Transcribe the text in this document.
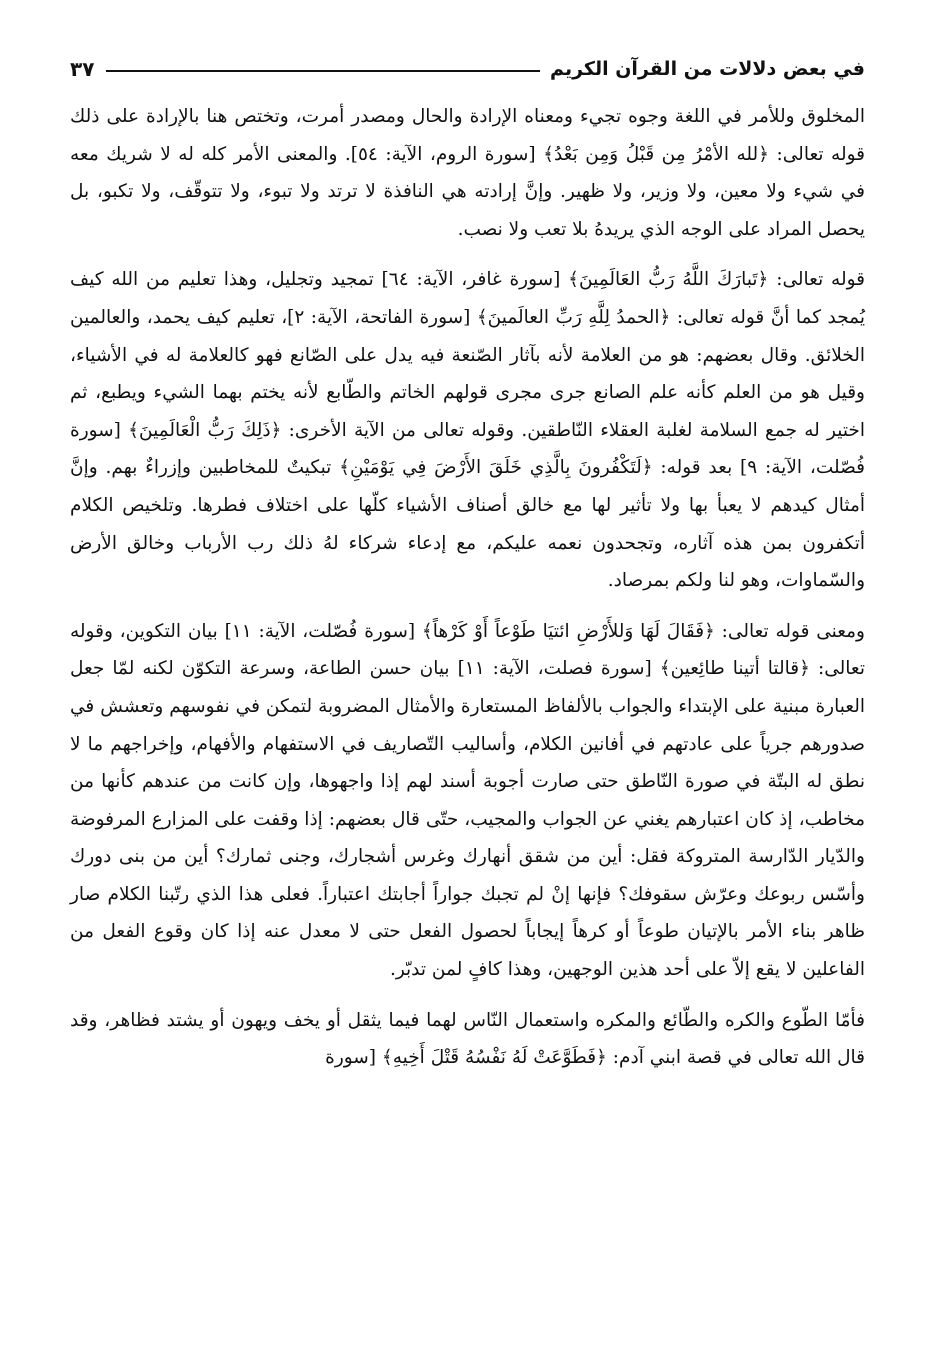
في بعض دلالات من القرآن الكريم
٣٧

المخلوق وللأمر في اللغة وجوه تجيء ومعناه الإرادة والحال ومصدر أمرت، وتختص هنا بالإرادة على ذلك قوله تعالى: ﴿لله الأمْرُ مِن قَبْلُ وَمِن بَعْدُ﴾ [سورة الروم، الآية: ٥٤]. والمعنى الأمر كله له لا شريك معه في شيء ولا معين، ولا وزير، ولا ظهير. وإنَّ إرادته هي النافذة لا ترتد ولا تبوء، ولا تتوقّف، ولا تكبو، بل يحصل المراد على الوجه الذي يريدهُ بلا تعب ولا نصب.

قوله تعالى: ﴿تَبارَكَ اللَّهُ رَبُّ العَالَمِينَ﴾ [سورة غافر، الآية: ٦٤] تمجيد وتجليل، وهذا تعليم من الله كيف يُمجد كما أنَّ قوله تعالى: ﴿الحمدُ لِلَّهِ رَبِّ العالَمينَ﴾ [سورة الفاتحة، الآية: ٢]، تعليم كيف يحمد، والعالمين الخلائق. وقال بعضهم: هو من العلامة لأنه بآثار الصّنعة فيه يدل على الصّانع فهو كالعلامة له في الأشياء، وقيل هو من العلم كأنه علم الصانع جرى مجرى قولهم الخاتم والطّابع لأنه يختم بهما الشيء ويطبع، ثم اختير له جمع السلامة لغلبة العقلاء النّاطقين. وقوله تعالى من الآية الأخرى: ﴿ذَلِكَ رَبُّ الْعَالَمِينَ﴾ [سورة فُصّلت، الآية: ٩] بعد قوله: ﴿لَتَكْفُرونَ بِالَّذِي خَلَقَ الأَرْضَ فِي يَوْمَيْنِ﴾ تبكيتٌ للمخاطبين وإزراءٌ بهم. وإنَّ أمثال كيدهم لا يعبأ بها ولا تأثير لها مع خالق أصناف الأشياء كلّها على اختلاف فطرها. وتلخيص الكلام أتكفرون بمن هذه آثاره، وتجحدون نعمه عليكم، مع إدعاء شركاء لهُ ذلك رب الأرباب وخالق الأرض والسّماوات، وهو لنا ولكم بمرصاد.

ومعنى قوله تعالى: ﴿فَقَالَ لَهَا وَللأَرْضِ ائتيَا طَوْعاً أَوْ كَرْهاً﴾ [سورة فُصّلت، الآية: ١١] بيان التكوين، وقوله تعالى: ﴿قالتا أتينا طائِعين﴾ [سورة فصلت، الآية: ١١] بيان حسن الطاعة، وسرعة التكوّن لكنه لمّا جعل العبارة مبنية على الإبتداء والجواب بالألفاظ المستعارة والأمثال المضروبة لتمكن في نفوسهم وتعشش في صدورهم جرياً على عادتهم في أفانين الكلام، وأساليب التّصاريف في الاستفهام والأفهام، وإخراجهم ما لا نطق له البتّة في صورة النّاطق حتى صارت أجوبة أسند لهم إذا واجهوها، وإن كانت من عندهم كأنها من مخاطب، إذ كان اعتبارهم يغني عن الجواب والمجيب، حتّى قال بعضهم: إذا وقفت على المزارع المرفوضة والدّيار الدّارسة المتروكة فقل: أين من شقق أنهارك وغرس أشجارك، وجنى ثمارك؟ أين من بنى دورك وأسّس ربوعك وعرّش سقوفك؟ فإنها إنْ لم تجبك جواراً أجابتك اعتباراً. فعلى هذا الذي رتّبنا الكلام صار ظاهر بناء الأمر بالإتيان طوعاً أو كرهاً إيجاباً لحصول الفعل حتى لا معدل عنه إذا كان وقوع الفعل من الفاعلين لا يقع إلاّ على أحد هذين الوجهين، وهذا كافٍ لمن تدبّر.

فأمّا الطّوع والكره والطّائع والمكره واستعمال النّاس لهما فيما يثقل أو يخف ويهون أو يشتد فظاهر، وقد قال الله تعالى في قصة ابني آدم: ﴿فَطَوَّعَتْ لَهُ نَفْسُهُ قَتْلَ أَخِيهِ﴾ [سورة
